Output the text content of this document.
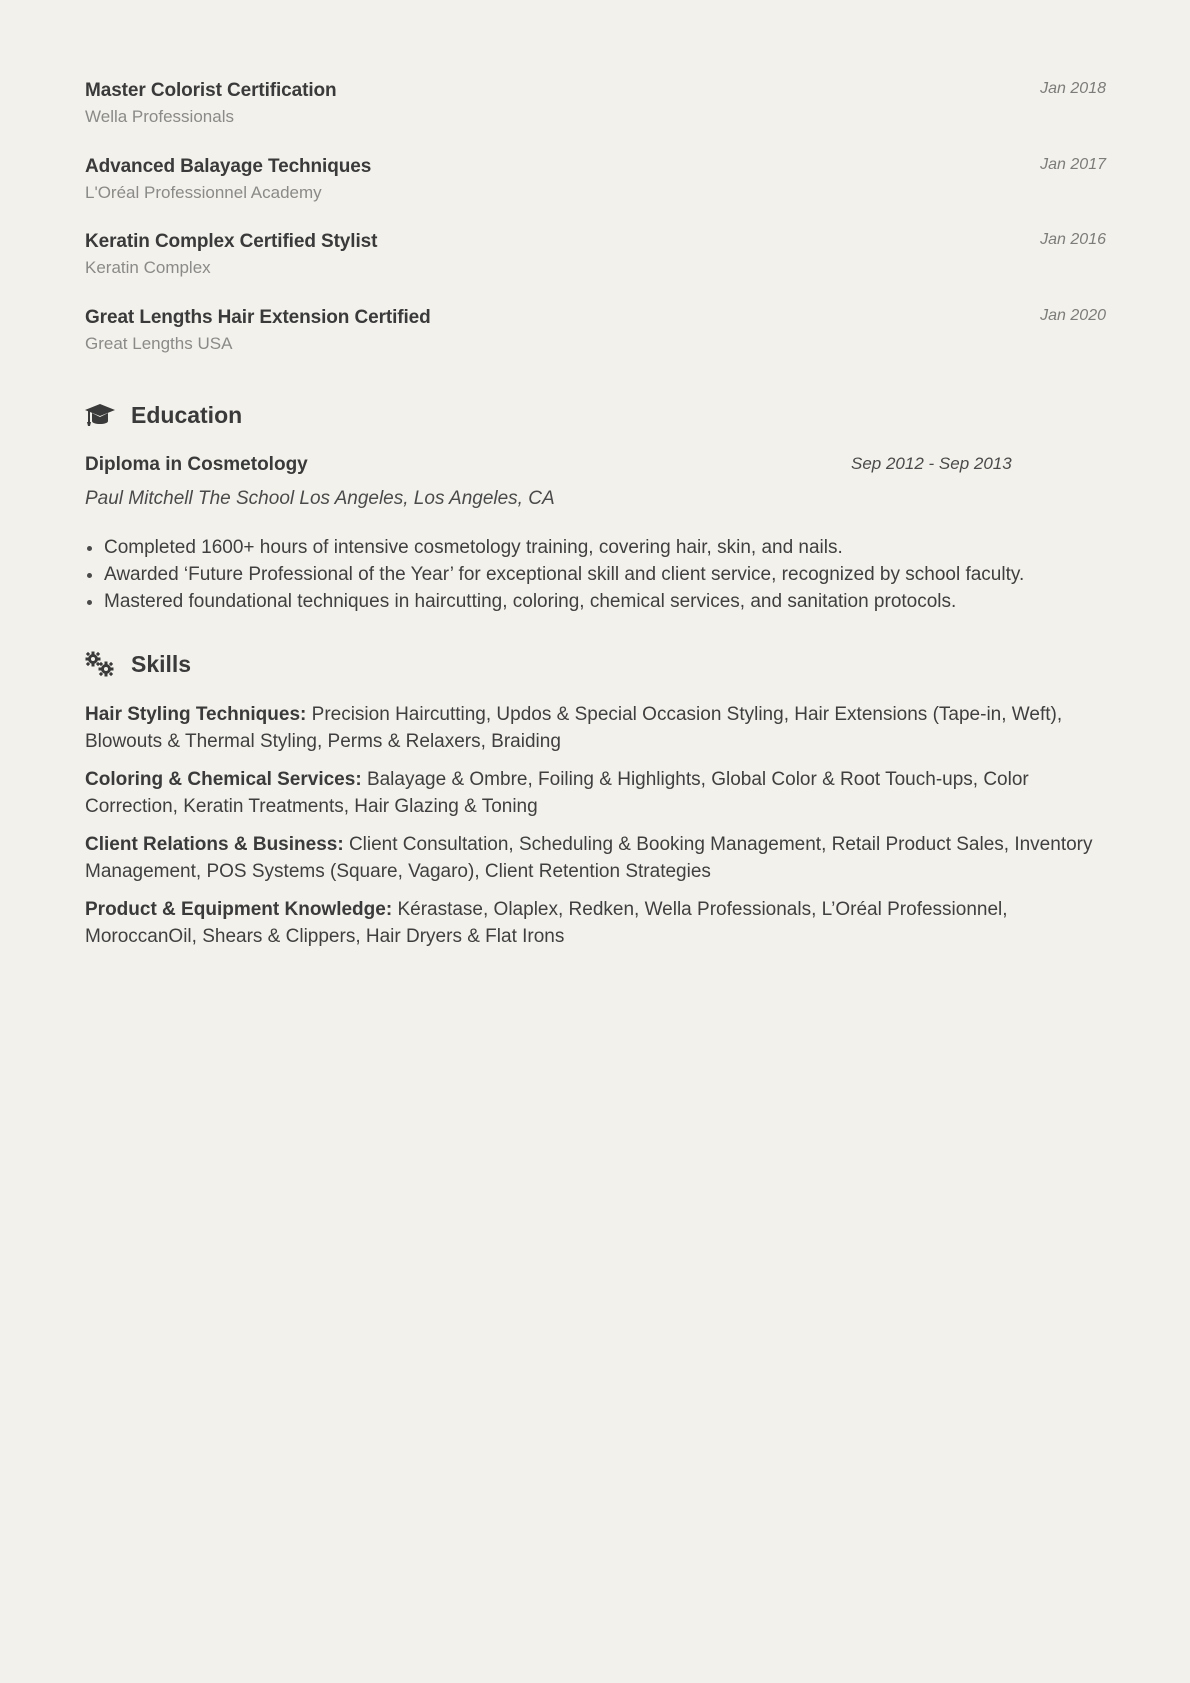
Master Colorist Certification
Wella Professionals
Jan 2018
Advanced Balayage Techniques
L'Oréal Professionnel Academy
Jan 2017
Keratin Complex Certified Stylist
Keratin Complex
Jan 2016
Great Lengths Hair Extension Certified
Great Lengths USA
Jan 2020
Education
Diploma in Cosmetology	Sep 2012 - Sep 2013
Paul Mitchell The School Los Angeles, Los Angeles, CA
Completed 1600+ hours of intensive cosmetology training, covering hair, skin, and nails.
Awarded ‘Future Professional of the Year’ for exceptional skill and client service, recognized by school faculty.
Mastered foundational techniques in haircutting, coloring, chemical services, and sanitation protocols.
Skills
Hair Styling Techniques: Precision Haircutting, Updos & Special Occasion Styling, Hair Extensions (Tape-in, Weft), Blowouts & Thermal Styling, Perms & Relaxers, Braiding
Coloring & Chemical Services: Balayage & Ombre, Foiling & Highlights, Global Color & Root Touch-ups, Color Correction, Keratin Treatments, Hair Glazing & Toning
Client Relations & Business: Client Consultation, Scheduling & Booking Management, Retail Product Sales, Inventory Management, POS Systems (Square, Vagaro), Client Retention Strategies
Product & Equipment Knowledge: Kérastase, Olaplex, Redken, Wella Professionals, L’Oréal Professionnel, MoroccanOil, Shears & Clippers, Hair Dryers & Flat Irons
